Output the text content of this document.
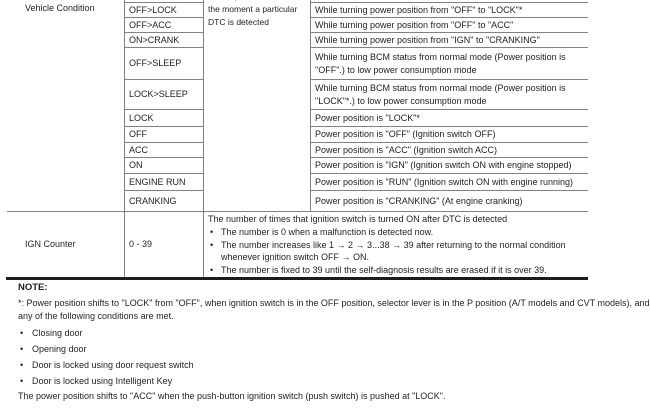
Vehicle Condition	the moment a particular
DTC is detected
OFF>LOCK
OFF>ACC
ON>CRANK
OFF>SLEEP
LOCK>SLEEP
LOCK
OFF
ACC
ON
ENGINE RUN
CRANKING
While turning power position from "OFF" to "LOCK"*
While turning power position from "OFF" to "ACC"
While turning power position from "IGN" to "CRANKING"
While turning BCM status from normal mode (Power position is "OFF".) to low power consumption mode
While turning BCM status from normal mode (Power position is "LOCK"*.) to low power consumption mode
Power position is "LOCK"*
Power position is "OFF" (Ignition switch OFF)
Power position is "ACC" (Ignition switch ACC)
Power position is "IGN" (Ignition switch ON with engine stopped)
Power position is "RUN" (Ignition switch ON with engine running)
Power position is "CRANKING" (At engine cranking)
IGN Counter	0 - 39
The number of times that ignition switch is turned ON after DTC is detected
• The number is 0 when a malfunction is detected now.
• The number increases like 1 → 2 → 3...38 → 39 after returning to the normal condition whenever ignition switch OFF → ON.
• The number is fixed to 39 until the self-diagnosis results are erased if it is over 39.
NOTE:
*: Power position shifts to "LOCK" from "OFF", when ignition switch is in the OFF position, selector lever is in the P position (A/T models and CVT models), and any of the following conditions are met.
• Closing door
• Opening door
• Door is locked using door request switch
• Door is locked using Intelligent Key
The power position shifts to "ACC" when the push-button ignition switch (push switch) is pushed at "LOCK".
